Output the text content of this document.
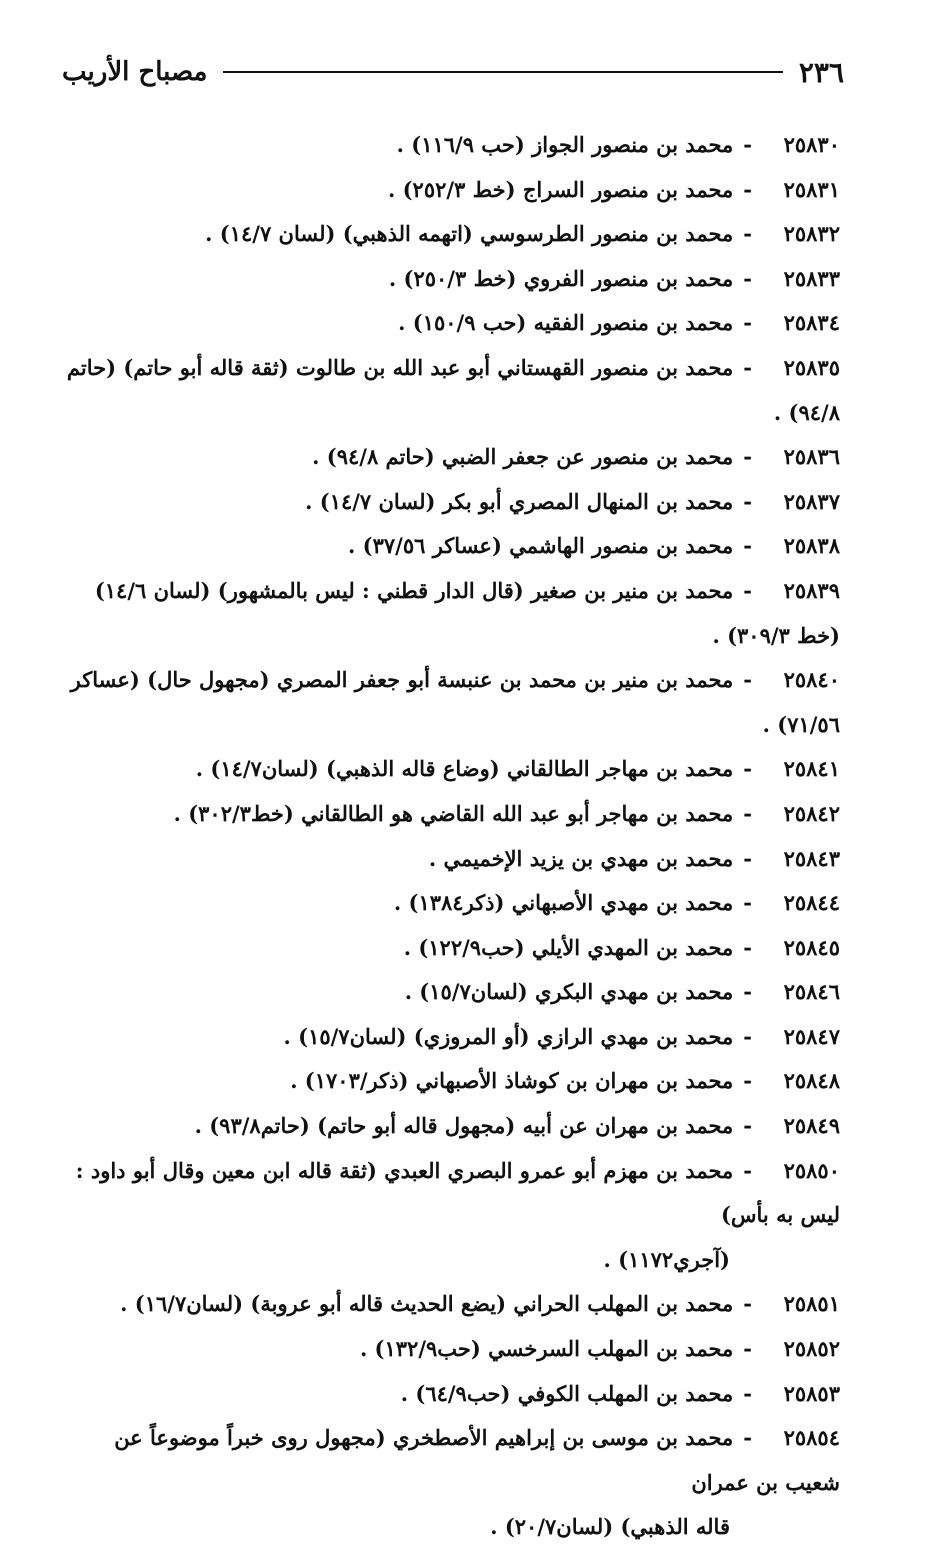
٢٣٦
مصباح الأريب

٢٥٨٣٠-محمد بن منصور الجواز (حب ١١٦/٩) .

٢٥٨٣١-محمد بن منصور السراج (خط ٢٥٢/٣) .

٢٥٨٣٢-محمد بن منصور الطرسوسي (اتهمه الذهبي) (لسان ١٤/٧) .

٢٥٨٣٣-محمد بن منصور الفروي (خط ٢٥٠/٣) .

٢٥٨٣٤-محمد بن منصور الفقيه (حب ١٥٠/٩) .

٢٥٨٣٥-محمد بن منصور القهستاني أبو عبد الله بن طالوت (ثقة قاله أبو حاتم) (حاتم ٩٤/٨) .

٢٥٨٣٦-محمد بن منصور عن جعفر الضبي (حاتم ٩٤/٨) .

٢٥٨٣٧-محمد بن المنهال المصري أبو بكر (لسان ١٤/٧) .

٢٥٨٣٨-محمد بن منصور الهاشمي (عساكر ٣٧/٥٦) .

٢٥٨٣٩-محمد بن منير بن صغير (قال الدار قطني : ليس بالمشهور) (لسان ١٤/٦) (خط ٣٠٩/٣) .

٢٥٨٤٠-محمد بن منير بن محمد بن عنبسة أبو جعفر المصري (مجهول حال) (عساكر ٧١/٥٦) .

٢٥٨٤١-محمد بن مهاجر الطالقاني (وضاع قاله الذهبي) (لسان١٤/٧) .

٢٥٨٤٢-محمد بن مهاجر أبو عبد الله القاضي هو الطالقاني (خط٣٠٢/٣) .

٢٥٨٤٣-محمد بن مهدي بن يزيد الإخميمي .

٢٥٨٤٤-محمد بن مهدي الأصبهاني (ذكر١٣٨٤) .

٢٥٨٤٥-محمد بن المهدي الأيلي (حب١٢٢/٩) .

٢٥٨٤٦-محمد بن مهدي البكري (لسان١٥/٧) .

٢٥٨٤٧-محمد بن مهدي الرازي (أو المروزي) (لسان١٥/٧) .

٢٥٨٤٨-محمد بن مهران بن كوشاذ الأصبهاني (ذكر/١٧٠٣) .

٢٥٨٤٩-محمد بن مهران عن أبيه (مجهول قاله أبو حاتم) (حاتم٩٣/٨) .

٢٥٨٥٠-محمد بن مهزم أبو عمرو البصري العبدي (ثقة قاله ابن معين وقال أبو داود : ليس به بأس)
(آجري١١٧٢) .

٢٥٨٥١-محمد بن المهلب الحراني (يضع الحديث قاله أبو عروبة) (لسان١٦/٧) .

٢٥٨٥٢-محمد بن المهلب السرخسي (حب١٣٢/٩) .

٢٥٨٥٣-محمد بن المهلب الكوفي (حب٦٤/٩) .

٢٥٨٥٤-محمد بن موسى بن إبراهيم الأصطخري (مجهول روى خبراً موضوعاً عن شعيب بن عمران
قاله الذهبي) (لسان٢٠/٧) .
